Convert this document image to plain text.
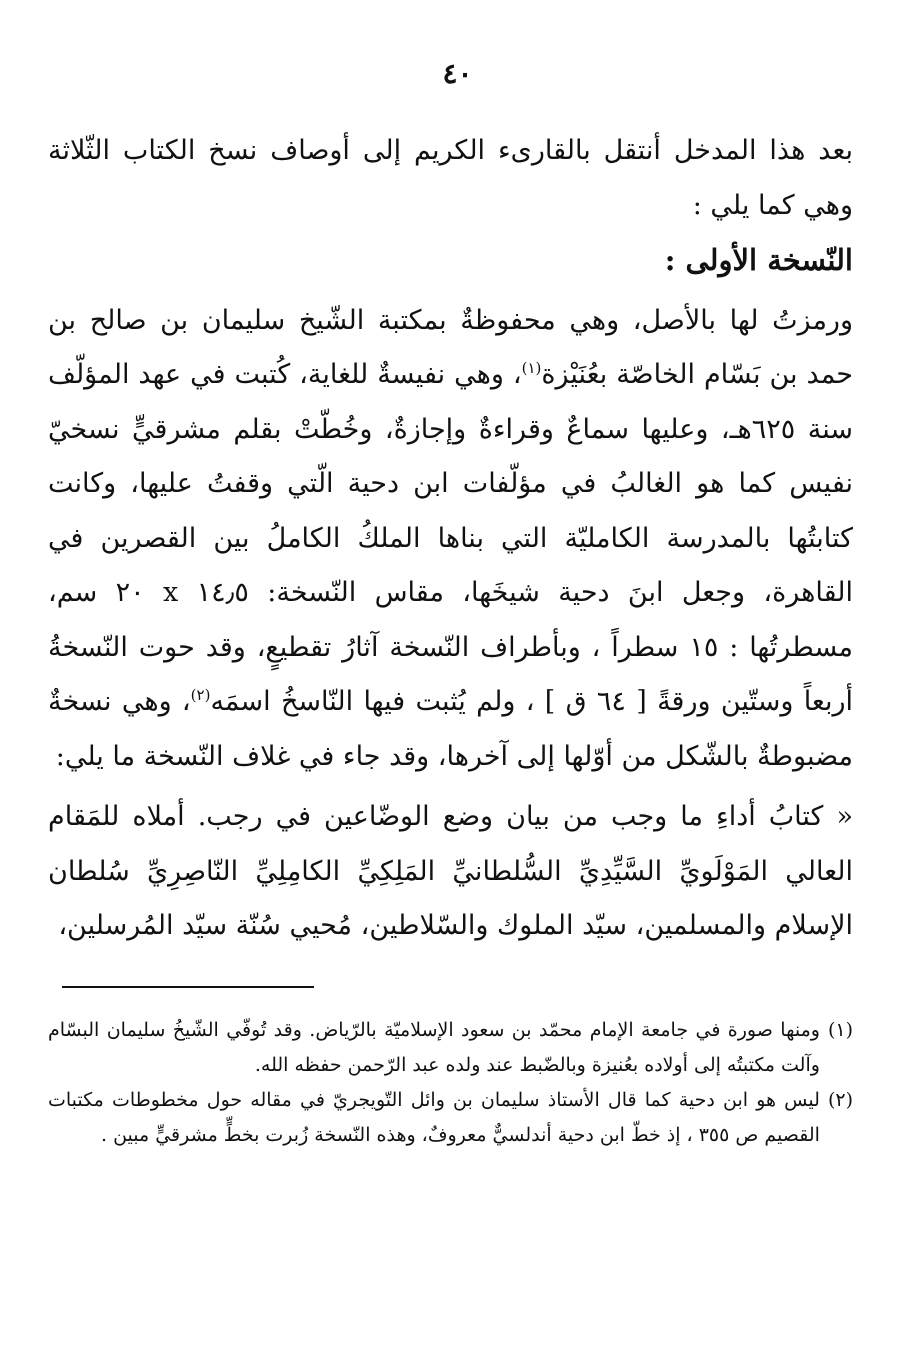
٤٠

بعد هذا المدخل أنتقل بالقارىء الكريم إلى أوصاف نسخ الكتاب الثّلاثة وهي كما يلي :

النّسخة الأولى :

ورمزتُ لها بالأصل، وهي محفوظةٌ بمكتبة الشّيخ سليمان بن صالح بن حمد بن بَسّام الخاصّة بعُنَيْزة$^{(١)}$، وهي نفيسةٌ للغاية، كُتبت في عهد المؤلّف سنة ٦٢٥هـ، وعليها سماعٌ وقراءةٌ وإجازةٌ، وخُطّتْ بقلم مشرقيٍّ نسخيّ نفيس كما هو الغالبُ في مؤلّفات ابن دحية الّتي وقفتُ عليها، وكانت كتابتُها بالمدرسة الكامليّة التي بناها الملكُ الكاملُ بين القصرين في القاهرة، وجعل ابنَ دحية شيخَها، مقاس النّسخة: ١٤٫٥ x ٢٠ سم، مسطرتُها : ١٥ سطراً ، وبأطراف النّسخة آثارُ تقطيعٍ، وقد حوت النّسخةُ أربعاً وستّين ورقةً [ ٦٤ ق ] ، ولم يُثبت فيها النّاسخُ اسمَه$^{(٢)}$، وهي نسخةٌ مضبوطةٌ بالشّكل من أوّلها إلى آخرها، وقد جاء في غلاف النّسخة ما يلي:

« كتابُ أداءِ ما وجب من بيان وضع الوضّاعين في رجب. أملاه للمَقام العالي المَوْلَويِّ السَّيِّدِيِّ السُّلطانيِّ المَلِكِيِّ الكامِلِيِّ النّاصِرِيِّ سُلطان الإسلام والمسلمين، سيّد الملوك والسّلاطين، مُحيي سُنّة سيّد المُرسلين،

(١)
ومنها صورة في جامعة الإمام محمّد بن سعود الإسلاميّة بالرّياض. وقد تُوفّي الشّيخُ سليمان البسّام وآلت مكتبتُه إلى أولاده بعُنيزة وبالضّبط عند ولده عبد الرّحمن حفظه الله.
(٢)
ليس هو ابن دحية كما قال الأستاذ سليمان بن وائل التّويجريّ في مقاله حول مخطوطات مكتبات القصيم ص ٣٥٥ ، إذ خطّ ابن دحية أندلسيٌّ معروفٌ، وهذه النّسخة زُبرت بخطٍّ مشرقيٍّ مبين .
